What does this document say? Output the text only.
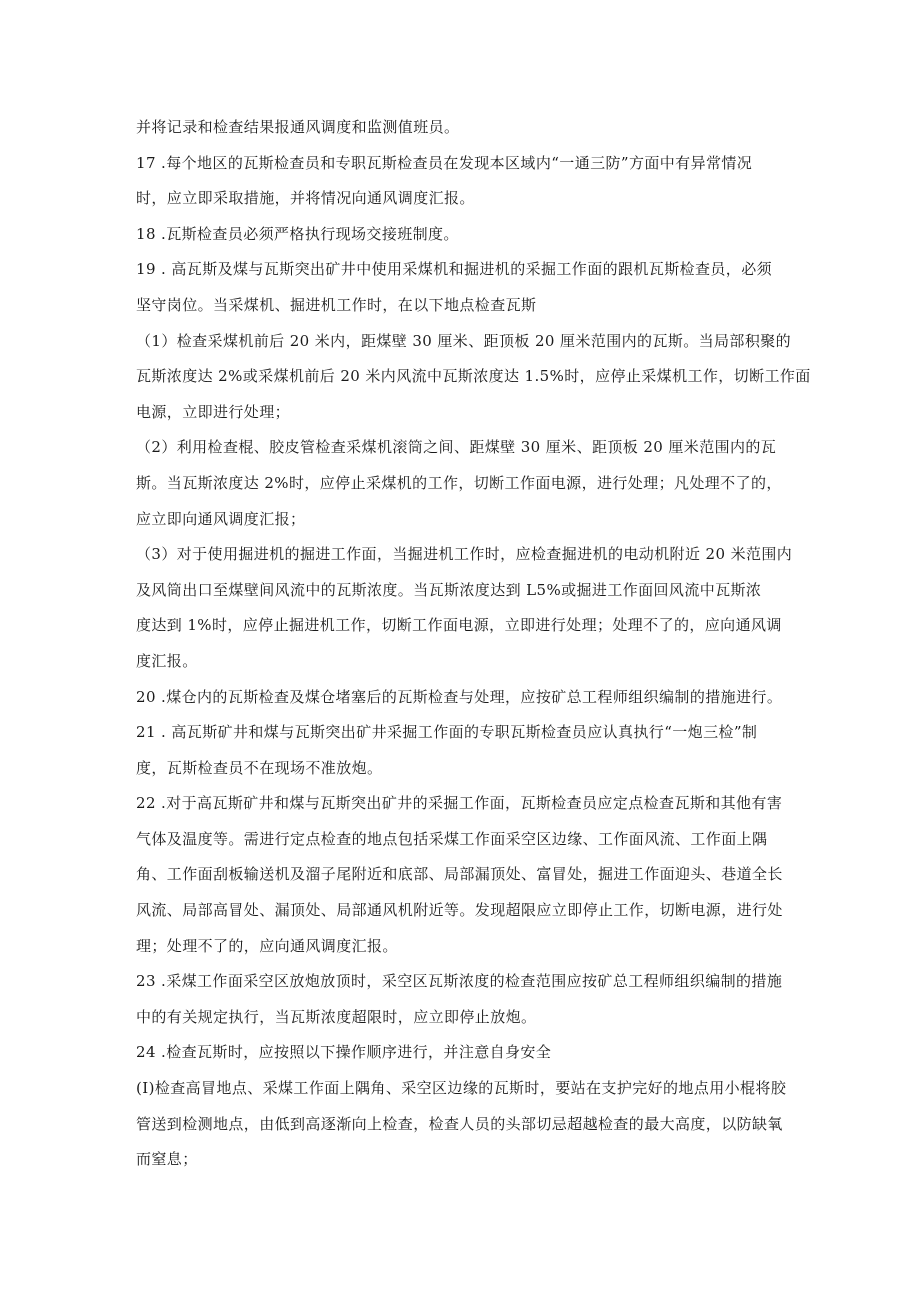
并将记录和检查结果报通风调度和监测值班员。
17 .每个地区的瓦斯检查员和专职瓦斯检查员在发现本区域内“一通三防”方面中有异常情况
时，应立即采取措施，并将情况向通风调度汇报。
18 .瓦斯检查员必须严格执行现场交接班制度。
19 . 高瓦斯及煤与瓦斯突出矿井中使用采煤机和掘进机的采掘工作面的跟机瓦斯检查员，必须
坚守岗位。当采煤机、掘进机工作时，在以下地点检查瓦斯
（1）检查采煤机前后 20 米内，距煤壁 30 厘米、距顶板 20 厘米范围内的瓦斯。当局部积聚的
瓦斯浓度达 2%或采煤机前后 20 米内风流中瓦斯浓度达 1.5%时，应停止采煤机工作，切断工作面
电源，立即进行处理；
（2）利用检查棍、胶皮管检查采煤机滚筒之间、距煤壁 30 厘米、距顶板 20 厘米范围内的瓦
斯。当瓦斯浓度达 2%时，应停止采煤机的工作，切断工作面电源，进行处理；凡处理不了的，
应立即向通风调度汇报；
（3）对于使用掘进机的掘进工作面，当掘进机工作时，应检查掘进机的电动机附近 20 米范围内
及风筒出口至煤壁间风流中的瓦斯浓度。当瓦斯浓度达到 L5%或掘进工作面回风流中瓦斯浓
度达到 1%时，应停止掘进机工作，切断工作面电源，立即进行处理；处理不了的，应向通风调
度汇报。
20 .煤仓内的瓦斯检查及煤仓堵塞后的瓦斯检查与处理，应按矿总工程师组织编制的措施进行。
21 . 高瓦斯矿井和煤与瓦斯突出矿井采掘工作面的专职瓦斯检查员应认真执行“一炮三检”制
度，瓦斯检查员不在现场不准放炮。
22 .对于高瓦斯矿井和煤与瓦斯突出矿井的采掘工作面，瓦斯检查员应定点检查瓦斯和其他有害
气体及温度等。需进行定点检查的地点包括采煤工作面采空区边缘、工作面风流、工作面上隅
角、工作面刮板输送机及溜子尾附近和底部、局部漏顶处、富冒处，掘进工作面迎头、巷道全长
风流、局部高冒处、漏顶处、局部通风机附近等。发现超限应立即停止工作，切断电源，进行处
理；处理不了的，应向通风调度汇报。
23 .采煤工作面采空区放炮放顶时，采空区瓦斯浓度的检查范围应按矿总工程师组织编制的措施
中的有关规定执行，当瓦斯浓度超限时，应立即停止放炮。
24 .检查瓦斯时，应按照以下操作顺序进行，并注意自身安全
(I)检查高冒地点、采煤工作面上隅角、采空区边缘的瓦斯时，要站在支护完好的地点用小棍将胶
管送到检测地点，由低到高逐渐向上检查，检查人员的头部切忌超越检查的最大高度，以防缺氧
而窒息；
